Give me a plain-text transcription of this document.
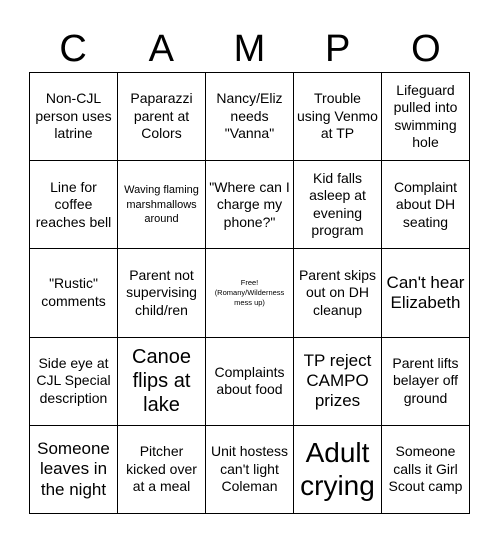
C	A	M	P	O
Non-CJL person uses latrine
Paparazzi parent at Colors
Nancy/Eliz needs "Vanna"
Trouble using Venmo at TP
Lifeguard pulled into swimming hole
Line for coffee reaches bell
Waving flaming marshmallows around
"Where can I charge my phone?"
Kid falls asleep at evening program
Complaint about DH seating
"Rustic" comments
Parent not supervising child/ren
Free! (Romany/Wilderness mess up)
Parent skips out on DH cleanup
Can't hear Elizabeth
Side eye at CJL Special description
Canoe flips at lake
Complaints about food
TP reject CAMPO prizes
Parent lifts belayer off ground
Someone leaves in the night
Pitcher kicked over at a meal
Unit hostess can't light Coleman
Adult crying
Someone calls it Girl Scout camp
